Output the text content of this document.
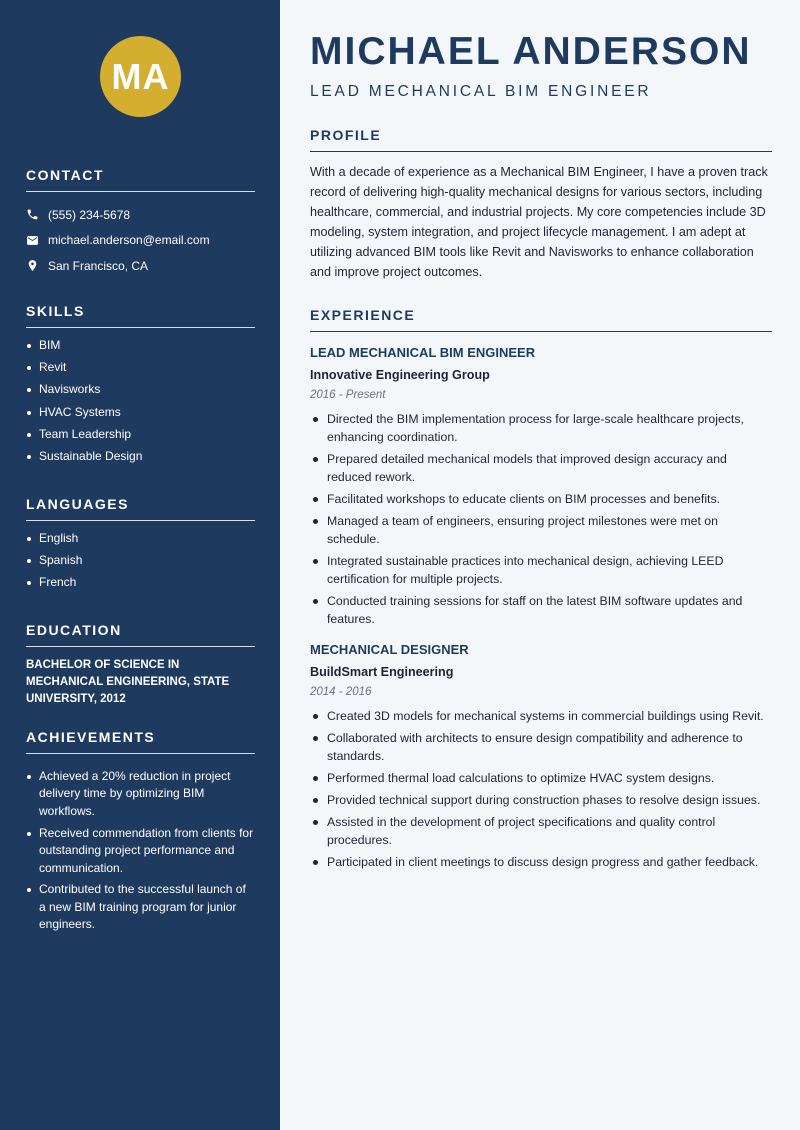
MA
CONTACT
(555) 234-5678
michael.anderson@email.com
San Francisco, CA
SKILLS
BIM
Revit
Navisworks
HVAC Systems
Team Leadership
Sustainable Design
LANGUAGES
English
Spanish
French
EDUCATION
BACHELOR OF SCIENCE IN MECHANICAL ENGINEERING, STATE UNIVERSITY, 2012
ACHIEVEMENTS
Achieved a 20% reduction in project delivery time by optimizing BIM workflows.
Received commendation from clients for outstanding project performance and communication.
Contributed to the successful launch of a new BIM training program for junior engineers.
MICHAEL ANDERSON
LEAD MECHANICAL BIM ENGINEER
PROFILE

With a decade of experience as a Mechanical BIM Engineer, I have a proven track record of delivering high-quality mechanical designs for various sectors, including healthcare, commercial, and industrial projects. My core competencies include 3D modeling, system integration, and project lifecycle management. I am adept at utilizing advanced BIM tools like Revit and Navisworks to enhance collaboration and improve project outcomes.

EXPERIENCE
LEAD MECHANICAL BIM ENGINEER
Innovative Engineering Group
2016 - Present
Directed the BIM implementation process for large-scale healthcare projects, enhancing coordination.
Prepared detailed mechanical models that improved design accuracy and reduced rework.
Facilitated workshops to educate clients on BIM processes and benefits.
Managed a team of engineers, ensuring project milestones were met on schedule.
Integrated sustainable practices into mechanical design, achieving LEED certification for multiple projects.
Conducted training sessions for staff on the latest BIM software updates and features.
MECHANICAL DESIGNER
BuildSmart Engineering
2014 - 2016
Created 3D models for mechanical systems in commercial buildings using Revit.
Collaborated with architects to ensure design compatibility and adherence to standards.
Performed thermal load calculations to optimize HVAC system designs.
Provided technical support during construction phases to resolve design issues.
Assisted in the development of project specifications and quality control procedures.
Participated in client meetings to discuss design progress and gather feedback.
